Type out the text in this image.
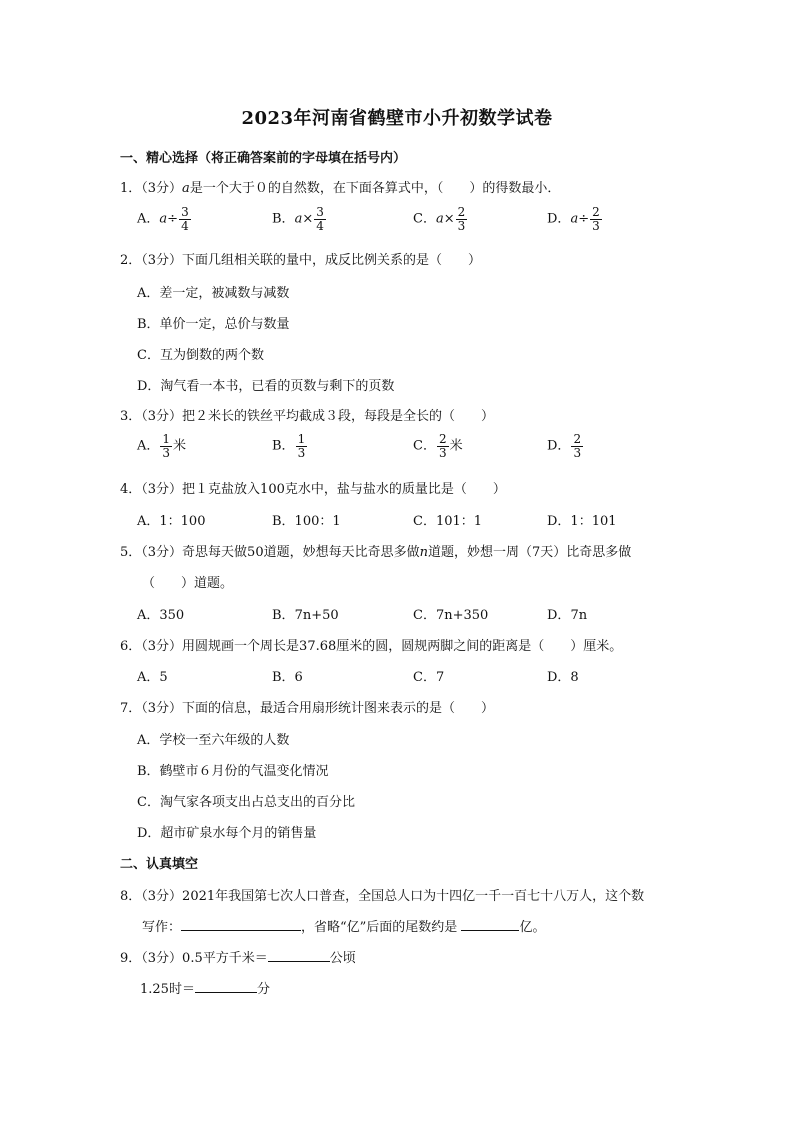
2023年河南省鹤壁市小升初数学试卷
一、精心选择（将正确答案前的字母填在括号内）
1．（3分）a是一个大于０的自然数，在下面各算式中，（　　）的得数最小．
A．$a\div \frac{3}{4}$	B．$a\times \frac{3}{4}$	C．$a\times \frac{2}{3}$	D．$a\div \frac{2}{3}$
2．（3分）下面几组相关联的量中，成反比例关系的是（　　）
A．差一定，被减数与减数
B．单价一定，总价与数量
C．互为倒数的两个数
D．淘气看一本书，已看的页数与剩下的页数
3．（3分）把２米长的铁丝平均截成３段，每段是全长的（　　）
A． $\frac{1}{3}$ 米	B． $\frac{1}{3}$	C． $\frac{2}{3}$ 米	D． $\frac{2}{3}$
4．（3分）把１克盐放入100克水中，盐与盐水的质量比是（　　）
A．1：100	B．100：1	C．101：1	D．1：101
5．（3分）奇思每天做50道题，妙想每天比奇思多做n道题，妙想一周（7天）比奇思多做
（　　）道题。
A．350	B．7n+50	C．7n+350	D．7n
6．（3分）用圆规画一个周长是37.68厘米的圆，圆规两脚之间的距离是（　　）厘米。
A．5	B．6	C．7	D．8
7．（3分）下面的信息，最适合用扇形统计图来表示的是（　　）
A．学校一至六年级的人数
B．鹤壁市６月份的气温变化情况
C．淘气家各项支出占总支出的百分比
D．超市矿泉水每个月的销售量
二、认真填空
8．（3分）2021年我国第七次人口普查，全国总人口为十四亿一千一百七十八万人，这个数
写作：	，省略“亿”后面的尾数约是	亿。
9．（3分）0.5平方千米＝	公顷
1.25时＝	分
